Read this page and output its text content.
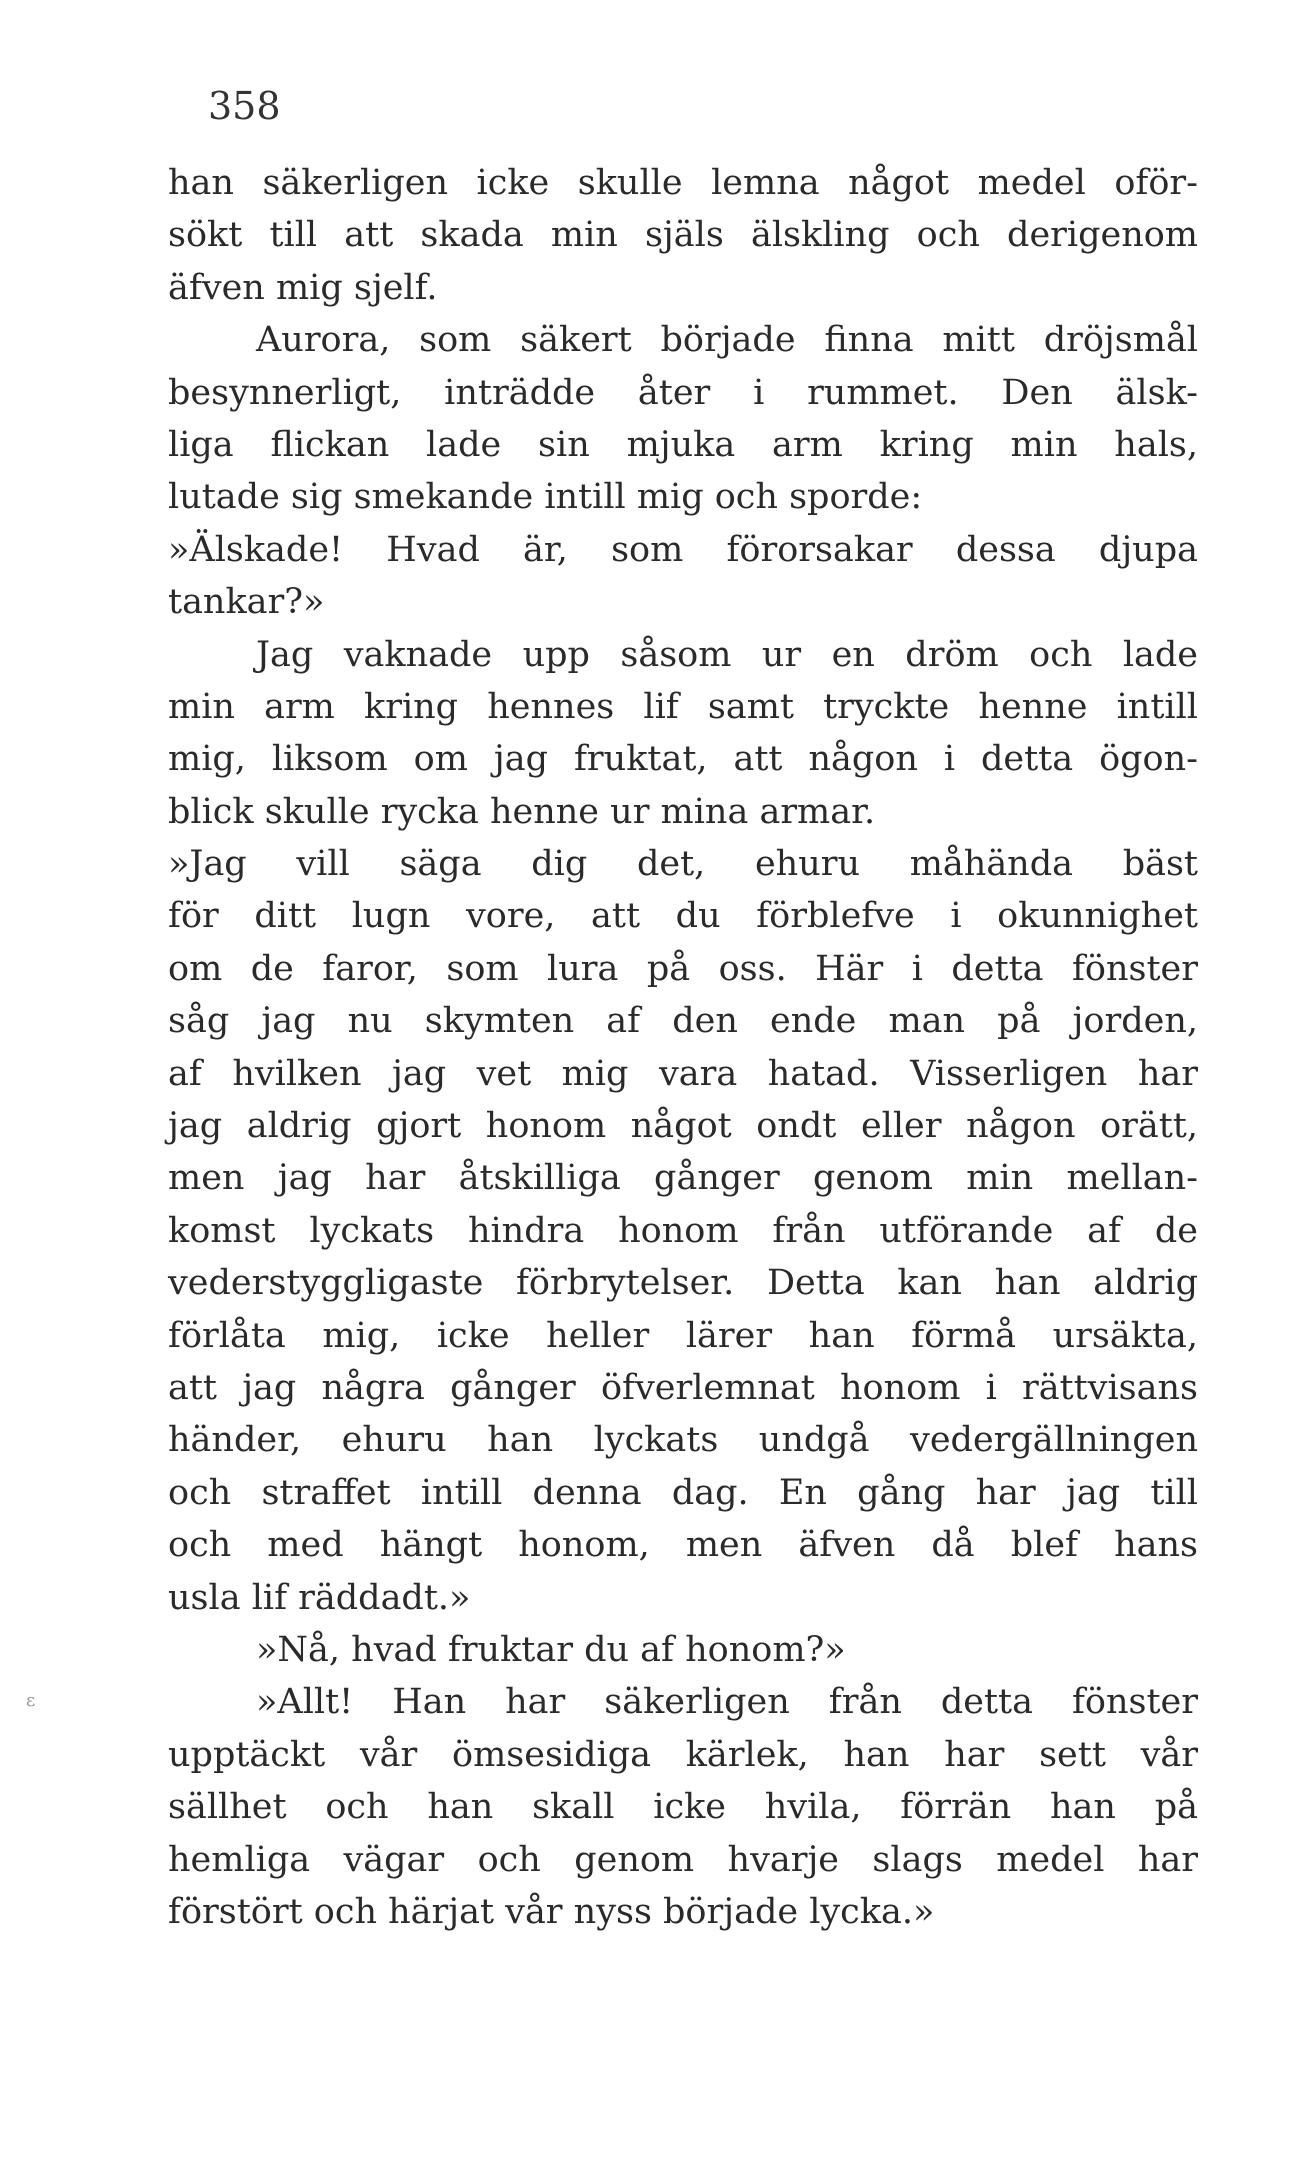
358
ε
han säkerligen icke skulle lemna något medel oför-
sökt till att skada min själs älskling och derigenom
äfven mig sjelf.
Aurora, som säkert började finna mitt dröjsmål
besynnerligt, inträdde åter i rummet. Den älsk-
liga flickan lade sin mjuka arm kring min hals,
lutade sig smekande intill mig och sporde:
»Älskade! Hvad är, som förorsakar dessa djupa
tankar?»
Jag vaknade upp såsom ur en dröm och lade
min arm kring hennes lif samt tryckte henne intill
mig, liksom om jag fruktat, att någon i detta ögon-
blick skulle rycka henne ur mina armar.
»Jag vill säga dig det, ehuru måhända bäst
för ditt lugn vore, att du förblefve i okunnighet
om de faror, som lura på oss. Här i detta fönster
såg jag nu skymten af den ende man på jorden,
af hvilken jag vet mig vara hatad. Visserligen har
jag aldrig gjort honom något ondt eller någon orätt,
men jag har åtskilliga gånger genom min mellan-
komst lyckats hindra honom från utförande af de
vederstyggligaste förbrytelser. Detta kan han aldrig
förlåta mig, icke heller lärer han förmå ursäkta,
att jag några gånger öfverlemnat honom i rättvisans
händer, ehuru han lyckats undgå vedergällningen
och straffet intill denna dag. En gång har jag till
och med hängt honom, men äfven då blef hans
usla lif räddadt.»
»Nå, hvad fruktar du af honom?»
»Allt! Han har säkerligen från detta fönster
upptäckt vår ömsesidiga kärlek, han har sett vår
sällhet och han skall icke hvila, förrän han på
hemliga vägar och genom hvarje slags medel har
förstört och härjat vår nyss började lycka.»
